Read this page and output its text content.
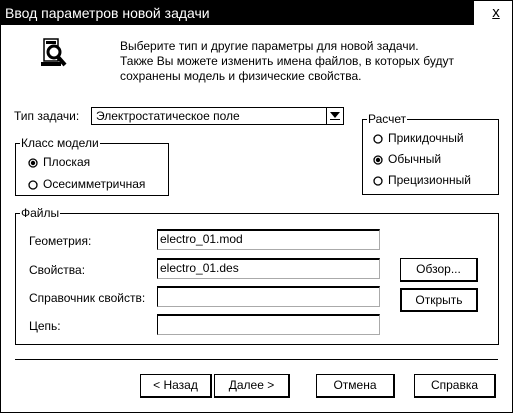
Ввод параметров новой задачи	x
Выберите тип и другие параметры для новой задачи.
Также Вы можете изменить имена файлов, в которых будут
сохранены модель и физические свойства.
Тип задачи: Электростатическое поле
Класс модели
Плоская
Осесимметричная
Расчет
Прикидочный
Обычный
Прецизионный
Файлы
Геометрия:	electro_01.mod
Свойства:	electro_01.des
Справочник свойств:
Цепь:
Обзор...
Открыть
< Назад	Далее >	Отмена	Справка
